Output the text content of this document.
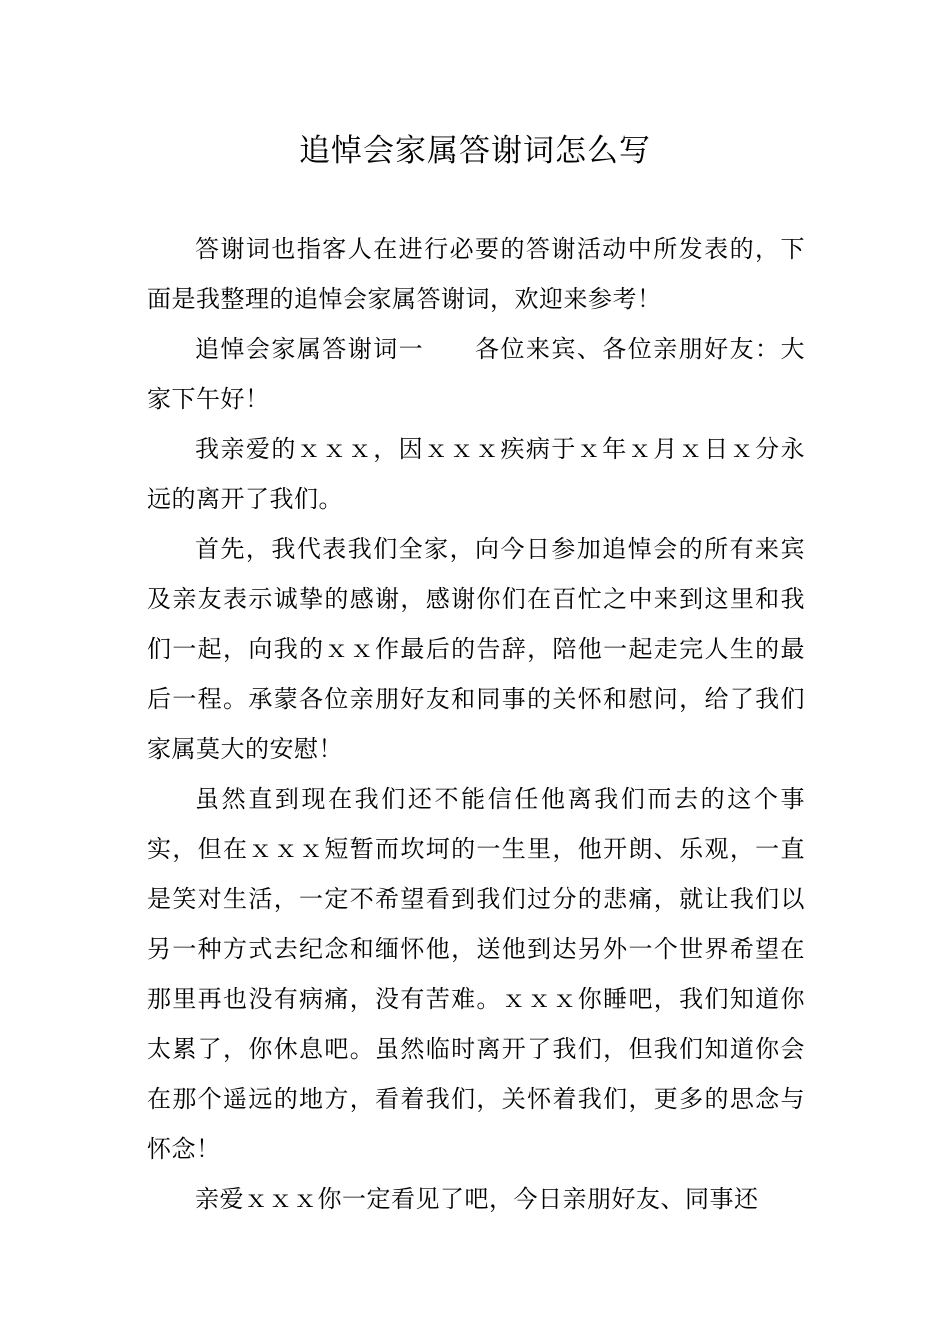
追悼会家属答谢词怎么写

答谢词也指客人在进行必要的答谢活动中所发表的，下面是我整理的追悼会家属答谢词，欢迎来参考！

追悼会家属答谢词一　　各位来宾、各位亲朋好友：大家下午好！

我亲爱的ｘｘｘ，因ｘｘｘ疾病于ｘ年ｘ月ｘ日ｘ分永远的离开了我们。

首先，我代表我们全家，向今日参加追悼会的所有来宾及亲友表示诚挚的感谢，感谢你们在百忙之中来到这里和我们一起，向我的ｘｘ作最后的告辞，陪他一起走完人生的最后一程。承蒙各位亲朋好友和同事的关怀和慰问，给了我们家属莫大的安慰！

虽然直到现在我们还不能信任他离我们而去的这个事实，但在ｘｘｘ短暂而坎坷的一生里，他开朗、乐观，一直是笑对生活，一定不希望看到我们过分的悲痛，就让我们以另一种方式去纪念和缅怀他，送他到达另外一个世界希望在那里再也没有病痛，没有苦难。ｘｘｘ你睡吧，我们知道你太累了，你休息吧。虽然临时离开了我们，但我们知道你会在那个遥远的地方，看着我们，关怀着我们，更多的思念与怀念！

亲爱ｘｘｘ你一定看见了吧，今日亲朋好友、同事还
